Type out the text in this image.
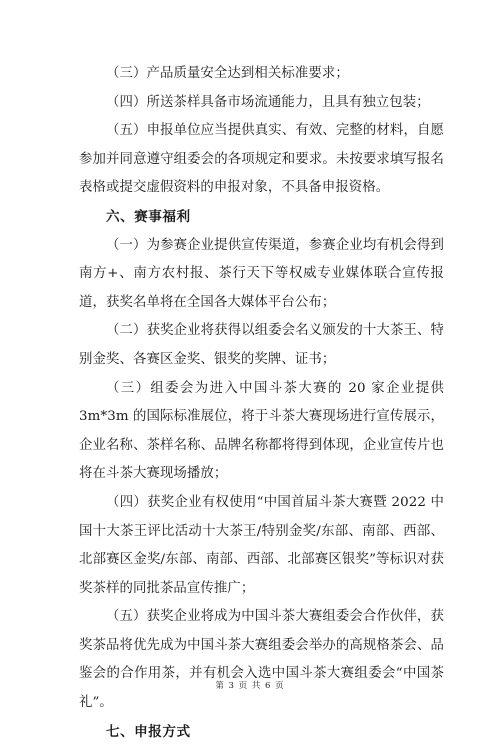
（三）产品质量安全达到相关标准要求；

（四）所送茶样具备市场流通能力，且具有独立包装；

（五）申报单位应当提供真实、有效、完整的材料，自愿参加并同意遵守组委会的各项规定和要求。未按要求填写报名表格或提交虚假资料的申报对象，不具备申报资格。

六、赛事福利

（一）为参赛企业提供宣传渠道，参赛企业均有机会得到南方+、南方农村报、茶行天下等权威专业媒体联合宣传报道，获奖名单将在全国各大媒体平台公布；

（二）获奖企业将获得以组委会名义颁发的十大茶王、特别金奖、各赛区金奖、银奖的奖牌、证书；

（三）组委会为进入中国斗茶大赛的 20 家企业提供 3m*3m 的国际标准展位，将于斗茶大赛现场进行宣传展示，企业名称、茶样名称、品牌名称都将得到体现，企业宣传片也将在斗茶大赛现场播放；

（四）获奖企业有权使用“中国首届斗茶大赛暨 2022 中国十大茶王评比活动十大茶王/特别金奖/东部、南部、西部、北部赛区金奖/东部、南部、西部、北部赛区银奖”等标识对获奖茶样的同批茶品宣传推广；

（五）获奖企业将成为中国斗茶大赛组委会合作伙伴，获奖茶品将优先成为中国斗茶大赛组委会举办的高规格茶会、品鉴会的合作用茶，并有机会入选中国斗茶大赛组委会“中国茶礼”。

七、申报方式

第 3 页 共 6 页
